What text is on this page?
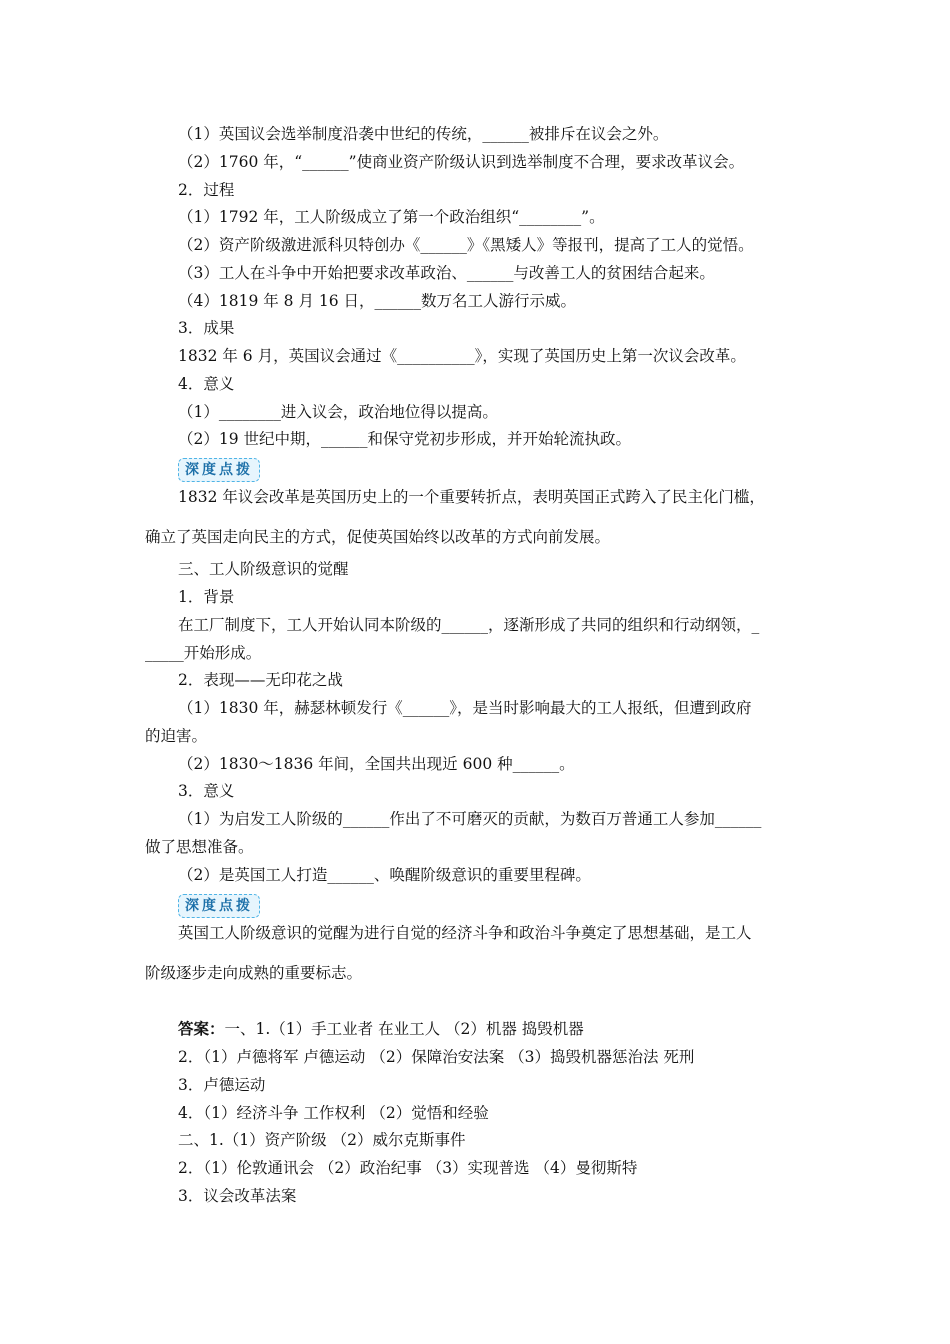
（1）英国议会选举制度沿袭中世纪的传统，______被排斥在议会之外。
（2）1760 年，“______”使商业资产阶级认识到选举制度不合理，要求改革议会。
2．过程
（1）1792 年，工人阶级成立了第一个政治组织“________”。
（2）资产阶级激进派科贝特创办《______》《黑矮人》等报刊，提高了工人的觉悟。
（3）工人在斗争中开始把要求改革政治、______与改善工人的贫困结合起来。
（4）1819 年 8 月 16 日，______数万名工人游行示威。
3．成果
1832 年 6 月，英国议会通过《__________》，实现了英国历史上第一次议会改革。
4．意义
（1）________进入议会，政治地位得以提高。
（2）19 世纪中期，______和保守党初步形成，并开始轮流执政。
深度点拨
1832 年议会改革是英国历史上的一个重要转折点，表明英国正式跨入了民主化门槛，
确立了英国走向民主的方式，促使英国始终以改革的方式向前发展。
三、工人阶级意识的觉醒
1．背景
在工厂制度下，工人开始认同本阶级的______，逐渐形成了共同的组织和行动纲领，_
_____开始形成。
2．表现——无印花之战
（1）1830 年，赫瑟林顿发行《______》，是当时影响最大的工人报纸，但遭到政府
的迫害。
（2）1830～1836 年间，全国共出现近 600 种______。
3．意义
（1）为启发工人阶级的______作出了不可磨灭的贡献，为数百万普通工人参加______
做了思想准备。
（2）是英国工人打造______、唤醒阶级意识的重要里程碑。
深度点拨
英国工人阶级意识的觉醒为进行自觉的经济斗争和政治斗争奠定了思想基础，是工人
阶级逐步走向成熟的重要标志。
答案：一、1.（1）手工业者 在业工人 （2）机器 捣毁机器
2．（1）卢德将军 卢德运动 （2）保障治安法案 （3）捣毁机器惩治法 死刑
3．卢德运动
4．（1）经济斗争 工作权利 （2）觉悟和经验
二、1.（1）资产阶级 （2）威尔克斯事件
2．（1）伦敦通讯会 （2）政治纪事 （3）实现普选 （4）曼彻斯特
3．议会改革法案
